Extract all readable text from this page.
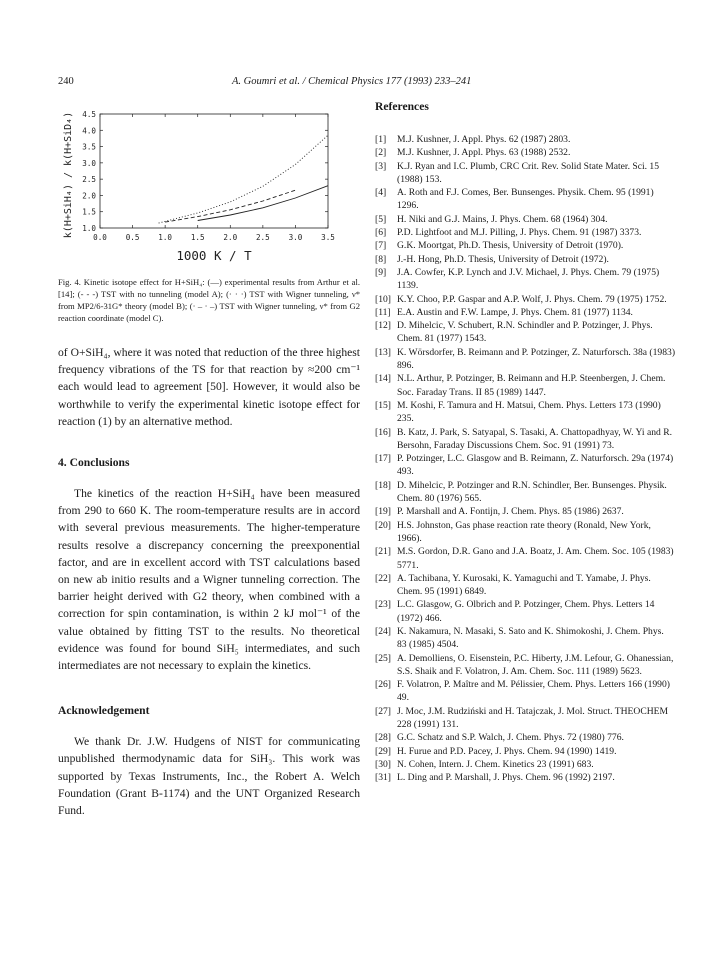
240	A. Goumri et al. / Chemical Physics 177 (1993) 233–241
0.0 0.5 1.0 1.5 2.0 2.5 3.0 3.5
1.0
1.5
2.0
2.5
3.0
3.5
4.0
4.5
1000 K / T
k(H+SiH₄) / k(H+SiD₄)

Fig. 4. Kinetic isotope effect for H+SiH₄: (—) experimental results from Arthur et al. [14]; (- - -) TST with no tunneling (model A); (· · ·) TST with Wigner tunneling, ν* from MP2/6-31G* theory (model B); (· – · –) TST with Wigner tunneling, ν* from G2 reaction coordinate (model C).

of O+SiH₄, where it was noted that reduction of the three highest frequency vibrations of the TS for that reaction by ≈200 cm⁻¹ each would lead to agreement [50]. However, it would also be worthwhile to verify the experimental kinetic isotope effect for reaction (1) by an alternative method.

4. Conclusions

The kinetics of the reaction H+SiH₄ have been measured from 290 to 660 K. The room-temperature results are in accord with several previous measurements. The higher-temperature results resolve a discrepancy concerning the preexponential factor, and are in excellent accord with TST calculations based on new ab initio results and a Wigner tunneling correction. The barrier height derived with G2 theory, when combined with a correction for spin contamination, is within 2 kJ mol⁻¹ of the value obtained by fitting TST to the results. No theoretical evidence was found for bound SiH₅ intermediates, and such intermediates are not necessary to explain the kinetics.

Acknowledgement

We thank Dr. J.W. Hudgens of NIST for communicating unpublished thermodynamic data for SiH₃. This work was supported by Texas Instruments, Inc., the Robert A. Welch Foundation (Grant B-1174) and the UNT Organized Research Fund.

References

[1]	M.J. Kushner, J. Appl. Phys. 62 (1987) 2803.
[2]	M.J. Kushner, J. Appl. Phys. 63 (1988) 2532.
[3]	K.J. Ryan and I.C. Plumb, CRC Crit. Rev. Solid State Mater. Sci. 15 (1988) 153.
[4]	A. Roth and F.J. Comes, Ber. Bunsenges. Physik. Chem. 95 (1991) 1296.
[5]	H. Niki and G.J. Mains, J. Phys. Chem. 68 (1964) 304.
[6]	P.D. Lightfoot and M.J. Pilling, J. Phys. Chem. 91 (1987) 3373.
[7]	G.K. Moortgat, Ph.D. Thesis, University of Detroit (1970).
[8]	J.-H. Hong, Ph.D. Thesis, University of Detroit (1972).
[9]	J.A. Cowfer, K.P. Lynch and J.V. Michael, J. Phys. Chem. 79 (1975) 1139.
[10] K.Y. Choo, P.P. Gaspar and A.P. Wolf, J. Phys. Chem. 79 (1975) 1752.
[11] E.A. Austin and F.W. Lampe, J. Phys. Chem. 81 (1977) 1134.
[12] D. Mihelcic, V. Schubert, R.N. Schindler and P. Potzinger, J. Phys. Chem. 81 (1977) 1543.
[13] K. Wörsdorfer, B. Reimann and P. Potzinger, Z. Naturforsch. 38a (1983) 896.
[14] N.L. Arthur, P. Potzinger, B. Reimann and H.P. Steenbergen, J. Chem. Soc. Faraday Trans. II 85 (1989) 1447.
[15] M. Koshi, F. Tamura and H. Matsui, Chem. Phys. Letters 173 (1990) 235.
[16] B. Katz, J. Park, S. Satyapal, S. Tasaki, A. Chattopadhyay, W. Yi and R. Bersohn, Faraday Discussions Chem. Soc. 91 (1991) 73.
[17] P. Potzinger, L.C. Glasgow and B. Reimann, Z. Naturforsch. 29a (1974) 493.
[18] D. Mihelcic, P. Potzinger and R.N. Schindler, Ber. Bunsenges. Physik. Chem. 80 (1976) 565.
[19] P. Marshall and A. Fontijn, J. Chem. Phys. 85 (1986) 2637.
[20] H.S. Johnston, Gas phase reaction rate theory (Ronald, New York, 1966).
[21] M.S. Gordon, D.R. Gano and J.A. Boatz, J. Am. Chem. Soc. 105 (1983) 5771.
[22] A. Tachibana, Y. Kurosaki, K. Yamaguchi and T. Yamabe, J. Phys. Chem. 95 (1991) 6849.
[23] L.C. Glasgow, G. Olbrich and P. Potzinger, Chem. Phys. Letters 14 (1972) 466.
[24] K. Nakamura, N. Masaki, S. Sato and K. Shimokoshi, J. Chem. Phys. 83 (1985) 4504.
[25] A. Demolliens, O. Eisenstein, P.C. Hiberty, J.M. Lefour, G. Ohanessian, S.S. Shaik and F. Volatron, J. Am. Chem. Soc. 111 (1989) 5623.
[26] F. Volatron, P. Maître and M. Pélissier, Chem. Phys. Letters 166 (1990) 49.
[27] J. Moc, J.M. Rudziński and H. Tatajczak, J. Mol. Struct. THEOCHEM 228 (1991) 131.
[28] G.C. Schatz and S.P. Walch, J. Chem. Phys. 72 (1980) 776.
[29] H. Furue and P.D. Pacey, J. Phys. Chem. 94 (1990) 1419.
[30] N. Cohen, Intern. J. Chem. Kinetics 23 (1991) 683.
[31] L. Ding and P. Marshall, J. Phys. Chem. 96 (1992) 2197.
